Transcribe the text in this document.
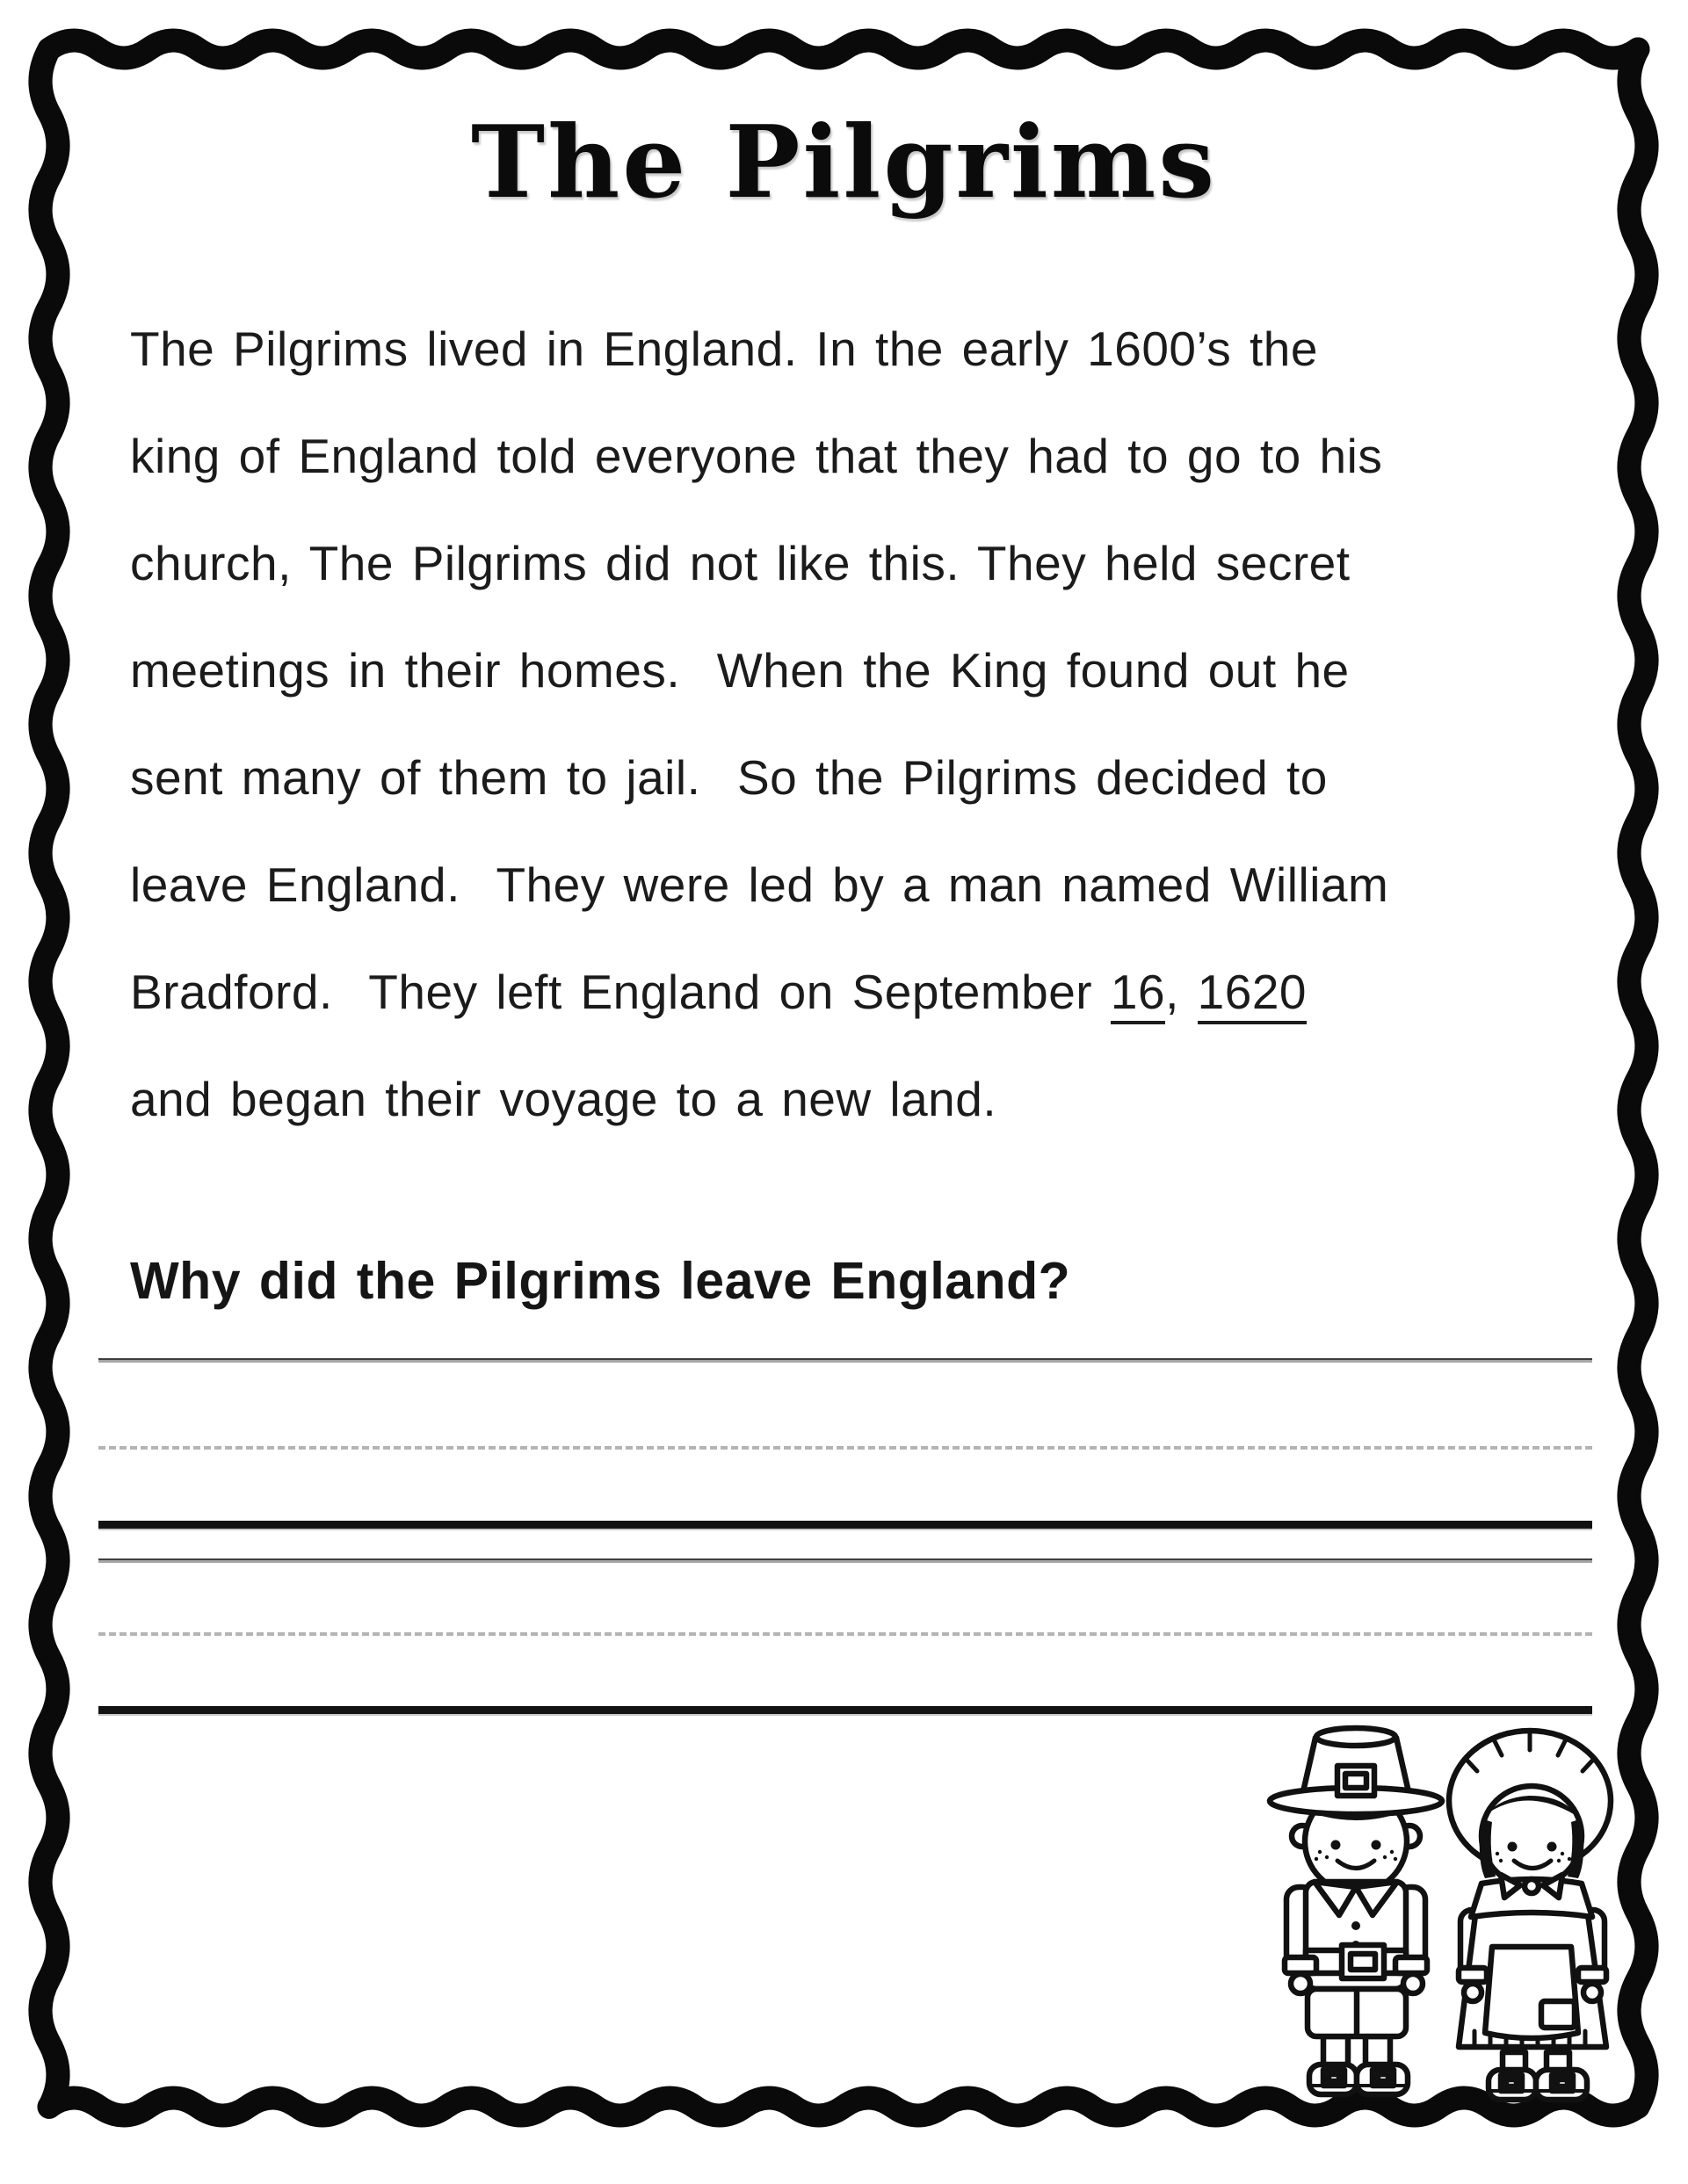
The Pilgrims
The Pilgrims lived in England. In the early 1600’s the
king of England told everyone that they had to go to his
church, The Pilgrims did not like this. They held secret
meetings in their homes.  When the King found out he
sent many of them to jail.  So the Pilgrims decided to
leave England.  They were led by a man named William
Bradford.  They left England on September 16, 1620
and began their voyage to a new land.
Why did the Pilgrims leave England?
